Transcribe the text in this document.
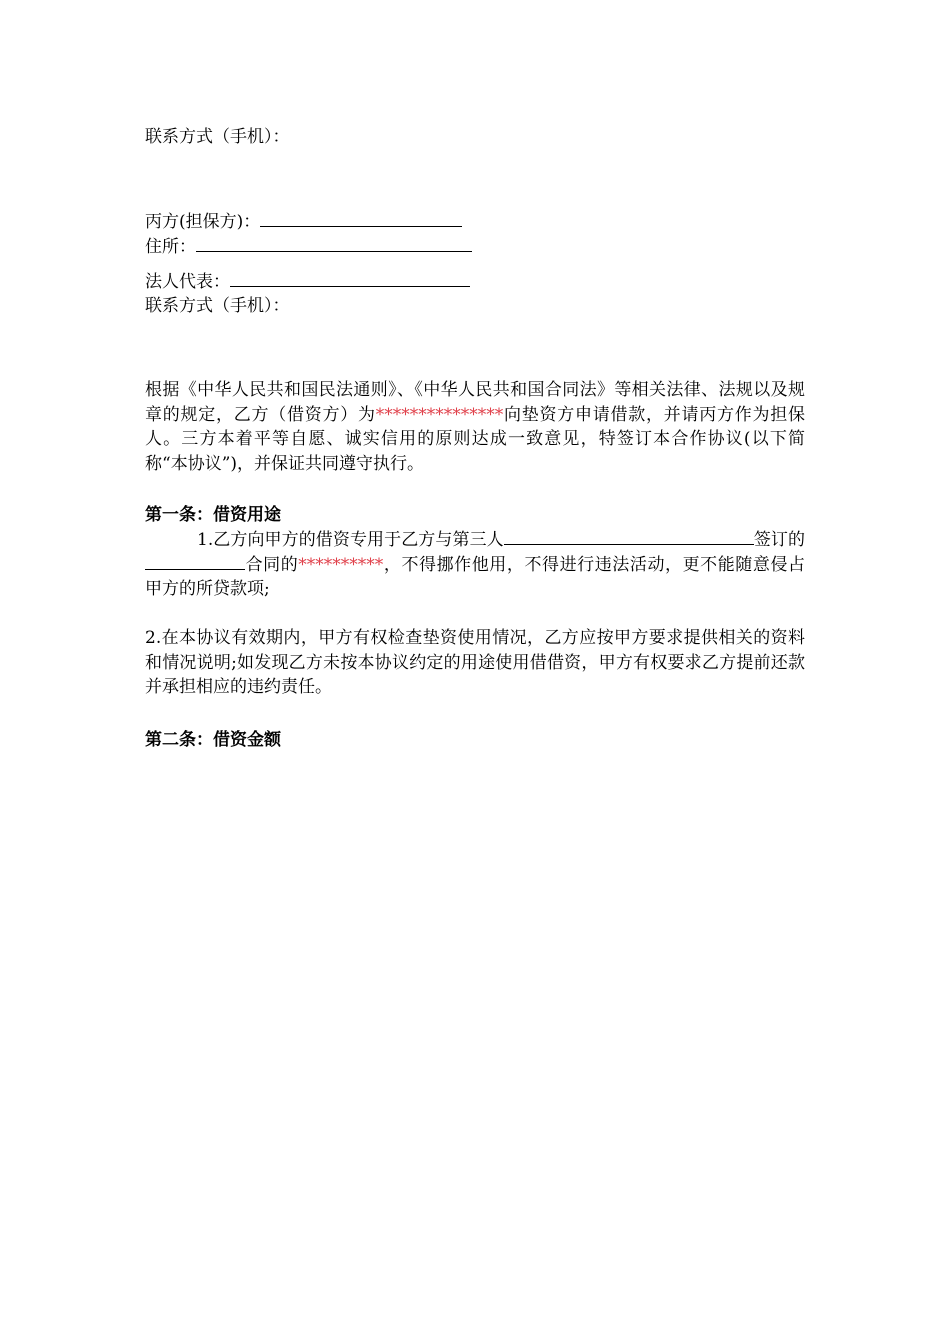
联系方式（手机）：
丙方(担保方)：
住所：
法人代表：
联系方式（手机）：
根据《中华人民共和国民法通则》、《中华人民共和国合同法》等相关法律、法规以及规章的规定，乙方（借资方）为***************向垫资方申请借款，并请丙方作为担保人。三方本着平等自愿、诚实信用的原则达成一致意见，特签订本合作协议(以下简称“本协议”)，并保证共同遵守执行。
第一条：借资用途
1.乙方向甲方的借资专用于乙方与第三人	签订的合同的**********，不得挪作他用，不得进行违法活动，更不能随意侵占甲方的所贷款项;
2.在本协议有效期内，甲方有权检查垫资使用情况，乙方应按甲方要求提供相关的资料和情况说明;如发现乙方未按本协议约定的用途使用借借资，甲方有权要求乙方提前还款并承担相应的违约责任。
第二条：借资金额
